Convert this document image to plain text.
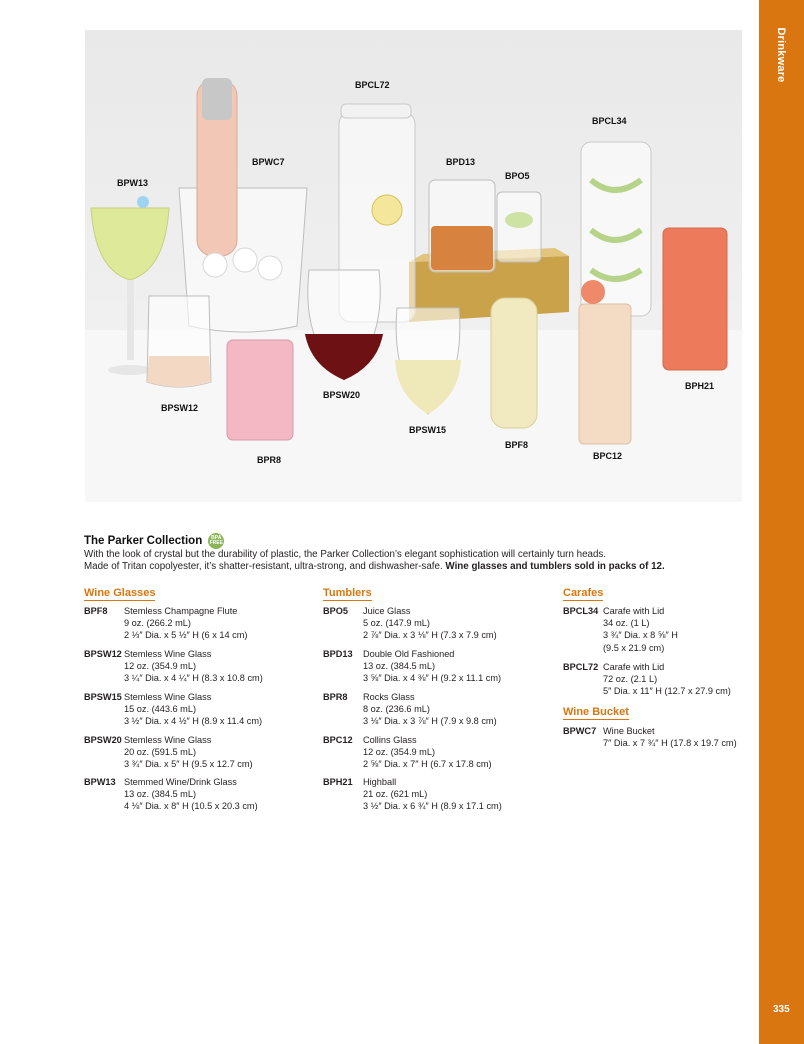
Drinkware
335
BPCL72
BPCL34
BPWC7	BPD13
BPO5
BPW13
BPH21
BPSW20
BPSW12
BPSW15
BPF8
BPC12
BPR8
The Parker Collection	BPA FREE
With the look of crystal but the durability of plastic, the Parker Collection’s elegant sophistication will certainly turn heads.
Made of Tritan copolyester, it’s shatter-resistant, ultra-strong, and dishwasher-safe. Wine glasses and tumblers sold in packs of 12.
Wine Glasses
BPF8 Stemless Champagne Flute
9 oz. (266.2 mL)
2 ⅓″ Dia. x 5 ½″ H (6 x 14 cm)
BPSW12 Stemless Wine Glass
12 oz. (354.9 mL)
3 ¼″ Dia. x 4 ¼″ H (8.3 x 10.8 cm)
BPSW15 Stemless Wine Glass
15 oz. (443.6 mL)
3 ½″ Dia. x 4 ½″ H (8.9 x 11.4 cm)
BPSW20 Stemless Wine Glass
20 oz. (591.5 mL)
3 ¾″ Dia. x 5″ H (9.5 x 12.7 cm)
BPW13 Stemmed Wine/Drink Glass
13 oz. (384.5 mL)
4 ⅛″ Dia. x 8″ H (10.5 x 20.3 cm)
Tumblers
BPO5 Juice Glass
5 oz. (147.9 mL)
2 ⅞″ Dia. x 3 ⅛″ H (7.3 x 7.9 cm)
BPD13 Double Old Fashioned
13 oz. (384.5 mL)
3 ⅝″ Dia. x 4 ⅜″ H (9.2 x 11.1 cm)
BPR8 Rocks Glass
8 oz. (236.6 mL)
3 ⅛″ Dia. x 3 ⅞″ H (7.9 x 9.8 cm)
BPC12 Collins Glass
12 oz. (354.9 mL)
2 ⅝″ Dia. x 7″ H (6.7 x 17.8 cm)
BPH21 Highball
21 oz. (621 mL)
3 ½″ Dia. x 6 ¾″ H (8.9 x 17.1 cm)
Carafes
BPCL34 Carafe with Lid
34 oz. (1 L)
3 ¾″ Dia. x 8 ⅝″ H
(9.5 x 21.9 cm)
BPCL72 Carafe with Lid
72 oz. (2.1 L)
5″ Dia. x 11″ H (12.7 x 27.9 cm)
Wine Bucket
BPWC7 Wine Bucket
7″ Dia. x 7 ¾″ H (17.8 x 19.7 cm)
